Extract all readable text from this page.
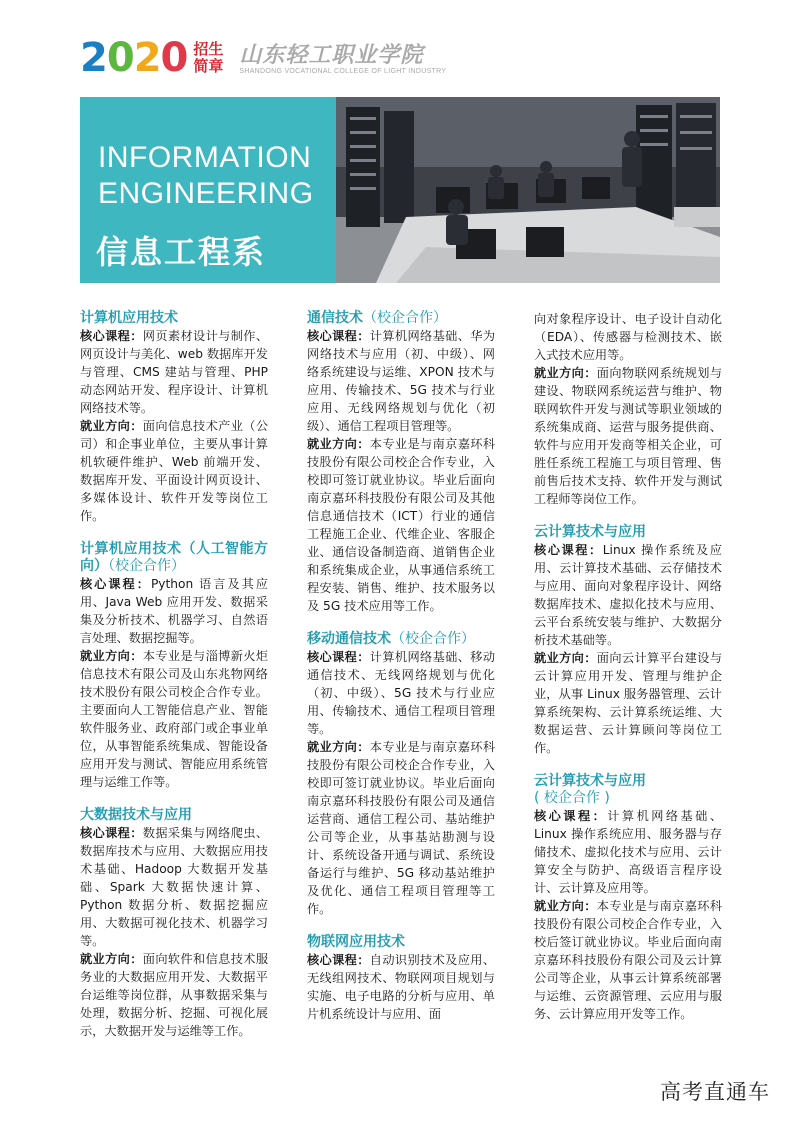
2020 招生
简章 山东轻工职业学院
SHANDONG VOCATIONAL COLLEGE OF LIGHT INDUSTRY
INFORMATION
ENGINEERING
信息工程系
计算机应用技术

核心课程：网页素材设计与制作、网页设计与美化、web 数据库开发与管理、CMS 建站与管理、PHP 动态网站开发、程序设计、计算机网络技术等。

就业方向：面向信息技术产业（公司）和企事业单位，主要从事计算机软硬件维护、Web 前端开发、数据库开发、平面设计网页设计、多媒体设计、软件开发等岗位工作。

计算机应用技术（人工智能方向）（校企合作）

核心课程：Python 语言及其应用、Java Web 应用开发、数据采集及分析技术、机器学习、自然语言处理、数据挖掘等。

就业方向：本专业是与淄博新火炬信息技术有限公司及山东兆物网络技术股份有限公司校企合作专业。主要面向人工智能信息产业、智能软件服务业、政府部门或企事业单位，从事智能系统集成、智能设备应用开发与测试、智能应用系统管理与运维工作等。

大数据技术与应用

核心课程：数据采集与网络爬虫、数据库技术与应用、大数据应用技术基础、Hadoop 大数据开发基础、Spark 大数据快速计算、Python 数据分析、数据挖掘应用、大数据可视化技术、机器学习等。

就业方向：面向软件和信息技术服务业的大数据应用开发、大数据平台运维等岗位群，从事数据采集与处理，数据分析、挖掘、可视化展示，大数据开发与运维等工作。

通信技术（校企合作）

核心课程：计算机网络基础、华为网络技术与应用（初、中级）、网络系统建设与运维、XPON 技术与应用、传输技术、5G 技术与行业应用、无线网络规划与优化（初级）、通信工程项目管理等。

就业方向：本专业是与南京嘉环科技股份有限公司校企合作专业，入校即可签订就业协议。毕业后面向南京嘉环科技股份有限公司及其他信息通信技术（ICT）行业的通信工程施工企业、代维企业、客服企业、通信设备制造商、道销售企业和系统集成企业，从事通信系统工程安装、销售、维护、技术服务以及 5G 技术应用等工作。

移动通信技术（校企合作）

核心课程：计算机网络基础、移动通信技术、无线网络规划与优化（初、中级）、5G 技术与行业应用、传输技术、通信工程项目管理等。

就业方向：本专业是与南京嘉环科技股份有限公司校企合作专业，入校即可签订就业协议。毕业后面向南京嘉环科技股份有限公司及通信运营商、通信工程公司、基站维护公司等企业，从事基站勘测与设计、系统设备开通与调试、系统设备运行与维护、5G 移动基站维护及优化、通信工程项目管理等工作。

物联网应用技术

核心课程：自动识别技术及应用、无线组网技术、物联网项目规划与实施、电子电路的分析与应用、单片机系统设计与应用、面

向对象程序设计、电子设计自动化（EDA）、传感器与检测技术、嵌入式技术应用等。

就业方向：面向物联网系统规划与建设、物联网系统运营与维护、物联网软件开发与测试等职业领域的系统集成商、运营与服务提供商、软件与应用开发商等相关企业，可胜任系统工程施工与项目管理、售前售后技术支持、软件开发与测试工程师等岗位工作。

云计算技术与应用

核心课程：Linux 操作系统及应用、云计算技术基础、云存储技术与应用、面向对象程序设计、网络数据库技术、虚拟化技术与应用、云平台系统安装与维护、大数据分析技术基础等。

就业方向：面向云计算平台建设与云计算应用开发、管理与维护企业，从事 Linux 服务器管理、云计算系统架构、云计算系统运维、大数据运营、云计算顾问等岗位工作。

云计算技术与应用
( 校企合作 )

核心课程：计算机网络基础、Linux 操作系统应用、服务器与存储技术、虚拟化技术与应用、云计算安全与防护、高级语言程序设计、云计算及应用等。

就业方向：本专业是与南京嘉环科技股份有限公司校企合作专业，入校后签订就业协议。毕业后面向南京嘉环科技股份有限公司及云计算公司等企业，从事云计算系统部署与运维、云资源管理、云应用与服务、云计算应用开发等工作。

高考直通车
